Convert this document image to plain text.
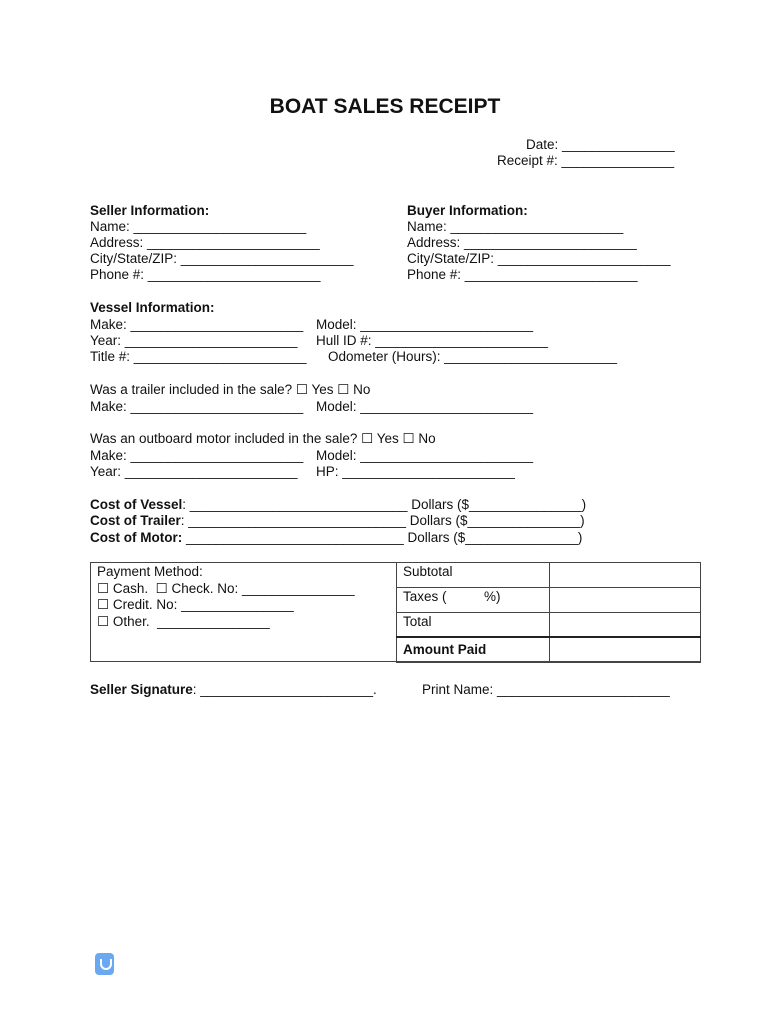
BOAT SALES RECEIPT
Date: _______________
Receipt #: _______________
Seller Information:
Name: _______________________
Address: _______________________
City/State/ZIP: _______________________
Phone #: _______________________
Buyer Information:
Name: _______________________
Address: _______________________
City/State/ZIP: _______________________
Phone #: _______________________
Vessel Information:
Make: _______________________ Model: _______________________
Year: _______________________ Hull ID #: _______________________
Title #: _______________________ Odometer (Hours): _______________________
Was a trailer included in the sale? ☐ Yes ☐ No
Make: _______________________ Model: _______________________
Was an outboard motor included in the sale? ☐ Yes ☐ No
Make: _______________________ Model: _______________________
Year: _______________________ HP: _______________________
Cost of Vessel: _____________________________ Dollars ($_______________)
Cost of Trailer: _____________________________ Dollars ($_______________)
Cost of Motor: _____________________________ Dollars ($_______________)
Payment Method:
☐ Cash.  ☐ Check. No: _______________
☐ Credit. No: _______________
☐ Other.  _______________
Subtotal
Taxes (          %)
Total
Amount Paid
Seller Signature: _______________________.	Print Name: _______________________
